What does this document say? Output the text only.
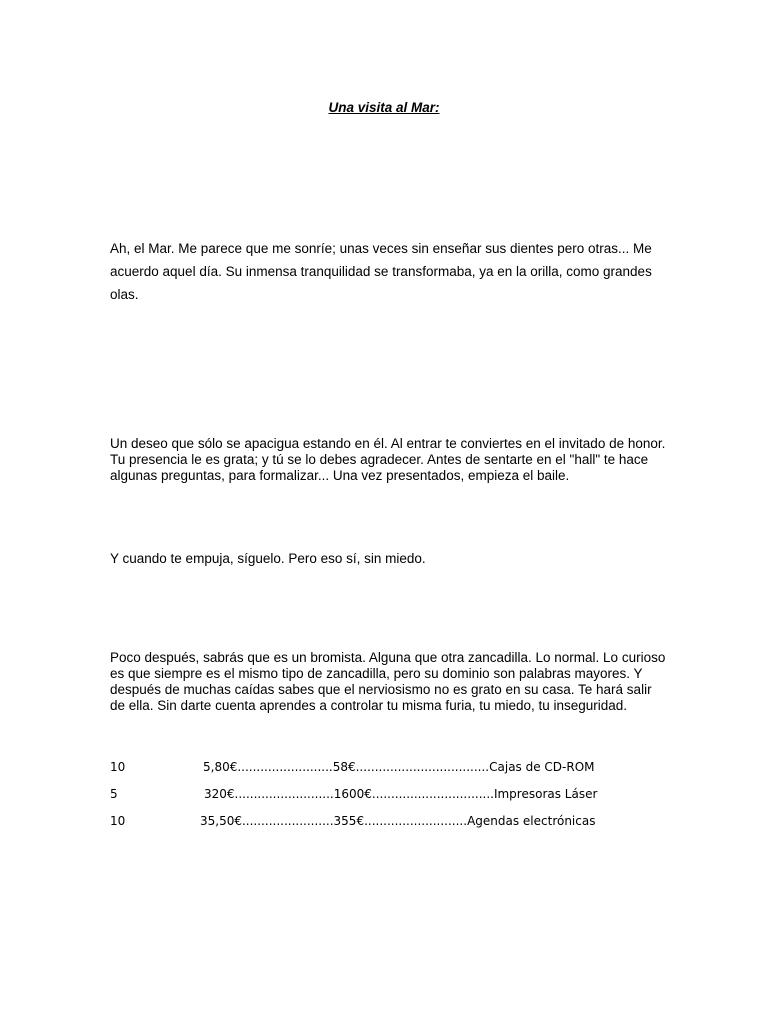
Una visita al Mar:

Ah, el Mar. Me parece que me sonríe; unas veces sin enseñar sus dientes pero otras... Me acuerdo aquel día. Su inmensa tranquilidad se transformaba, ya en la orilla, como grandes olas.

Un deseo que sólo se apacigua estando en él. Al entrar te conviertes en el invitado de honor. Tu presencia le es grata; y tú se lo debes agradecer. Antes de sentarte en el "hall" te hace algunas preguntas, para formalizar... Una vez presentados, empieza el baile.

Y cuando te empuja, síguelo. Pero eso sí, sin miedo.

Poco después, sabrás que es un bromista. Alguna que otra zancadilla. Lo normal. Lo curioso es que siempre es el mismo tipo de zancadilla, pero su dominio son palabras mayores. Y después de muchas caídas sabes que el nerviosismo no es grato en su casa. Te hará salir de ella. Sin darte cuenta aprendes a controlar tu misma furia, tu miedo, tu inseguridad.

10	5,80€.........................58€...................................Cajas de CD-ROM
5	320€..........................1600€................................Impresoras Láser
10	35,50€........................355€...........................Agendas electrónicas
